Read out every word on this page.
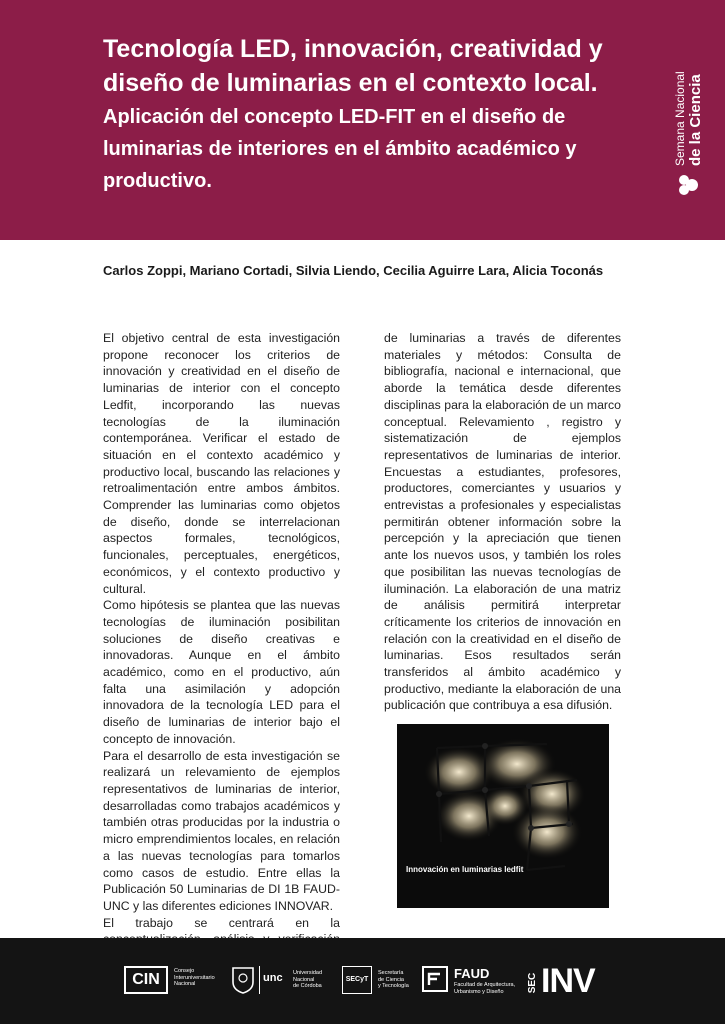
Tecnología LED, innovación, creatividad y diseño de luminarias en el contexto local. Aplicación del concepto LED-FIT en el diseño de luminarias de interiores en el ámbito académico y productivo.
Semana Nacional de la Ciencia
Carlos Zoppi, Mariano Cortadi, Silvia Liendo, Cecilia Aguirre Lara, Alicia Toconás

El objetivo central de esta investigación propone reconocer los criterios de innovación y creatividad en el diseño de luminarias de interior con el concepto Ledfit, incorporando las nuevas tecnologías de la iluminación contemporánea. Verificar el estado de situación en el contexto académico y productivo local, buscando las relaciones y retroalimentación entre ambos ámbitos. Comprender las luminarias como objetos de diseño, donde se interrelacionan aspectos formales, tecnológicos, funcionales, perceptuales, energéticos, económicos, y el contexto productivo y cultural.

Como hipótesis se plantea que las nuevas tecnologías de iluminación posibilitan soluciones de diseño creativas e innovadoras. Aunque en el ámbito académico, como en el productivo, aún falta una asimilación y adopción innovadora de la tecnología LED para el diseño de luminarias de interior bajo el concepto de innovación.

Para el desarrollo de esta investigación se realizará un relevamiento de ejemplos representativos de luminarias de interior, desarrolladas como trabajos académicos y también otras producidas por la industria o micro emprendimientos locales, en relación a las nuevas tecnologías para tomarlos como casos de estudio. Entre ellas la Publicación 50 Luminarias de DI 1B FAUD-UNC y las diferentes ediciones INNOVAR.

El trabajo se centrará en la

de luminarias a través de diferentes materiales y métodos: Consulta de bibliografía, nacional e internacional, que aborde la temática desde diferentes disciplinas para la elaboración de un marco conceptual. Relevamiento , registro y sistematización de ejemplos representativos de luminarias de interior. Encuestas a estudiantes, profesores, productores, comerciantes y usuarios y entrevistas a profesionales y especialistas permitirán obtener información sobre la percepción y la apreciación que tienen ante los nuevos usos, y también los roles que posibilitan las nuevas tecnologías de iluminación. La elaboración de una matriz de análisis permitirá interpretar críticamente los criterios de innovación en relación con la creatividad en el diseño de luminarias. Esos resultados serán transferidos al ámbito académico y productivo, mediante la elaboración de una publicación que contribuya a esa difusión.

Innovación en luminarias ledfit
CIN	Consejo
Interuniversitario
Nacional	unc Universidad
Nacional
de Córdoba
SECyT
Secretaría
de Ciencia
y Tecnología
FAUD
Facultad de Arquitectura,
Urbanismo y Diseño	SEC INV
